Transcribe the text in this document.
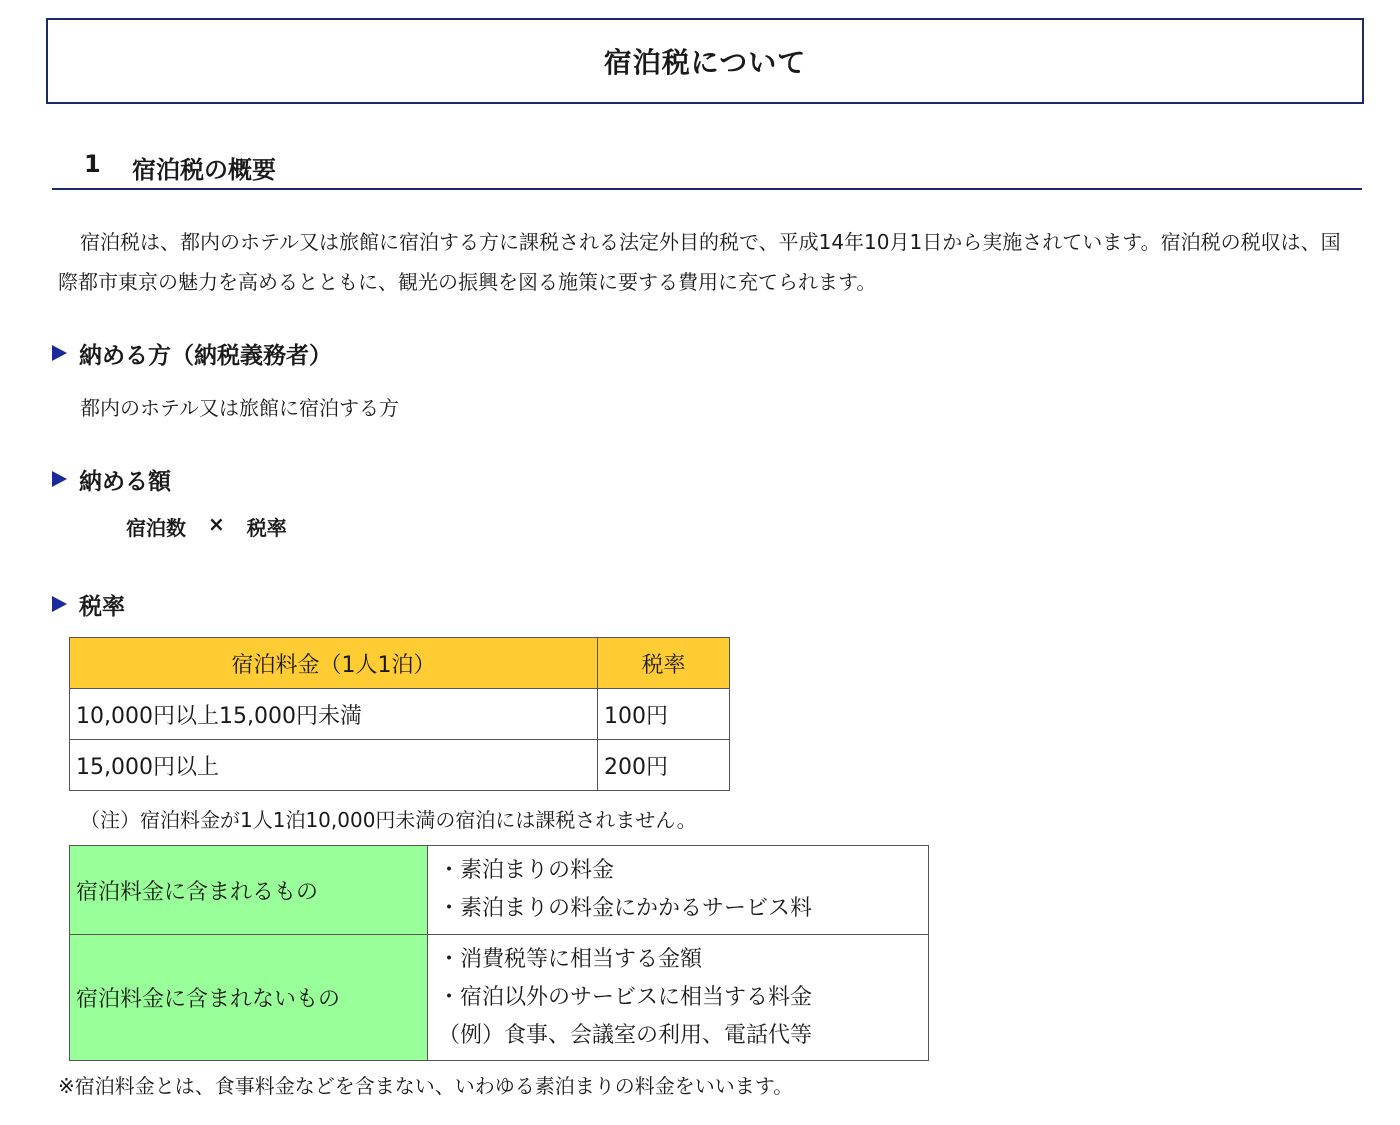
宿泊税について
1 宿泊税の概要

宿泊税は、都内のホテル又は旅館に宿泊する方に課税される法定外目的税で、平成14年10月1日から実施されています。宿泊税の税収は、国際都市東京の魅力を高めるとともに、観光の振興を図る施策に要する費用に充てられます。

納める方（納税義務者）
都内のホテル又は旅館に宿泊する方
納める額
宿泊数 × 税率
税率
宿泊料金（1人1泊）	税率
10,000円以上15,000円未満	100円
15,000円以上	200円
（注）宿泊料金が1人1泊10,000円未満の宿泊には課税されません。
宿泊料金に含まれるもの	・素泊まりの料金
・素泊まりの料金にかかるサービス料

宿泊料金に含まれないもの	・消費税等に相当する金額
・宿泊以外のサービスに相当する料金
（例）食事、会議室の利用、電話代等
※宿泊料金とは、食事料金などを含まない、いわゆる素泊まりの料金をいいます。
